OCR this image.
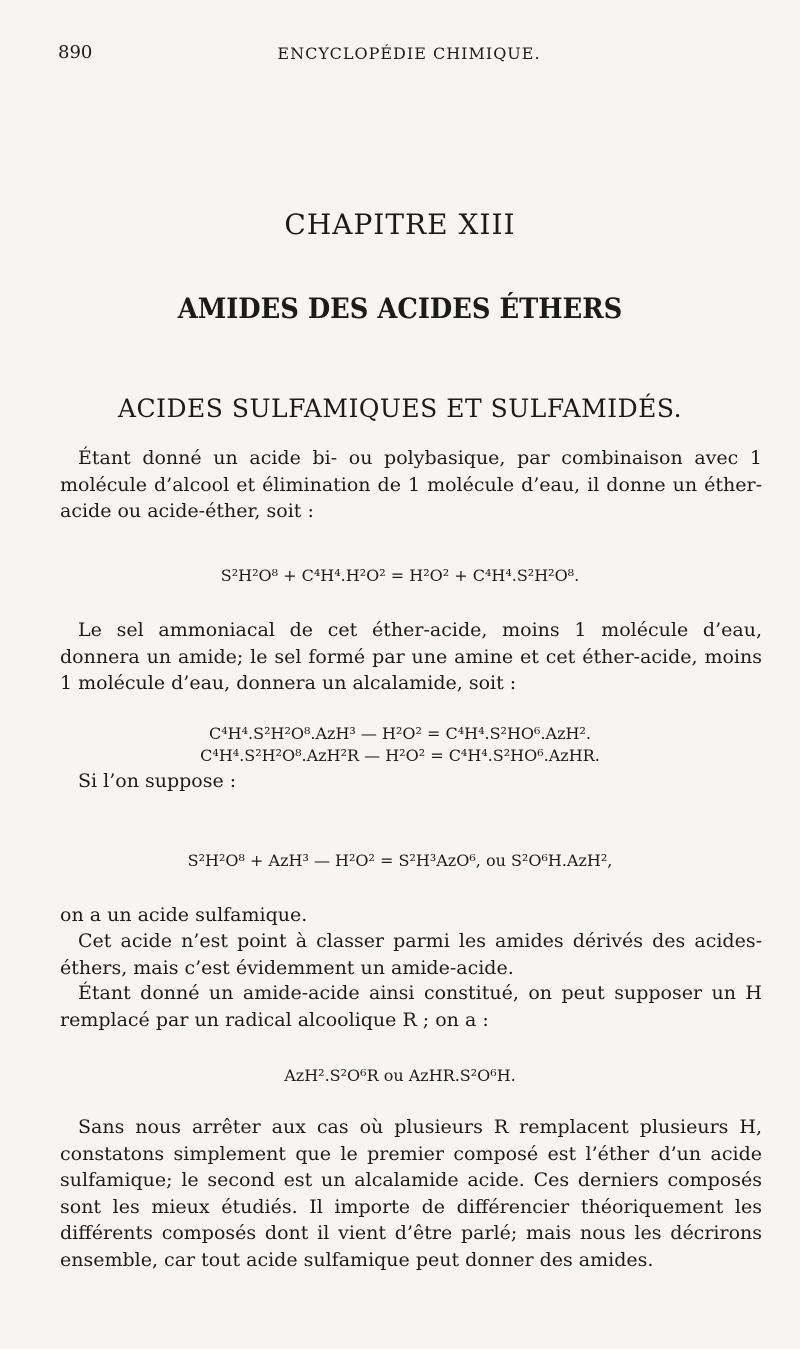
890	ENCYCLOPÉDIE CHIMIQUE.
CHAPITRE XIII
AMIDES DES ACIDES ÉTHERS
ACIDES SULFAMIQUES ET SULFAMIDÉS.

Étant donné un acide bi- ou polybasique, par combinaison avec 1 molécule d’alcool et élimination de 1 molécule d’eau, il donne un éther-acide ou acide-éther, soit :

S²H²O⁸ + C⁴H⁴.H²O² = H²O² + C⁴H⁴.S²H²O⁸.

Le sel ammoniacal de cet éther-acide, moins 1 molécule d’eau, donnera un amide; le sel formé par une amine et cet éther-acide, moins 1 molécule d’eau, donnera un alcalamide, soit :

C⁴H⁴.S²H²O⁸.AzH³ — H²O² = C⁴H⁴.S²HO⁶.AzH².
C⁴H⁴.S²H²O⁸.AzH²R — H²O² = C⁴H⁴.S²HO⁶.AzHR.

Si l’on suppose :

S²H²O⁸ + AzH³ — H²O² = S²H³AzO⁶, ou S²O⁶H.AzH²,

on a un acide sulfamique.

Cet acide n’est point à classer parmi les amides dérivés des acides-éthers, mais c’est évidemment un amide-acide.

Étant donné un amide-acide ainsi constitué, on peut supposer un H remplacé par un radical alcoolique R ; on a :

AzH².S²O⁶R ou AzHR.S²O⁶H.

Sans nous arrêter aux cas où plusieurs R remplacent plusieurs H, constatons simplement que le premier composé est l’éther d’un acide sulfamique; le second est un alcalamide acide. Ces derniers composés sont les mieux étudiés. Il importe de différencier théoriquement les différents composés dont il vient d’être parlé; mais nous les décrirons ensemble, car tout acide sulfamique peut donner des amides.
